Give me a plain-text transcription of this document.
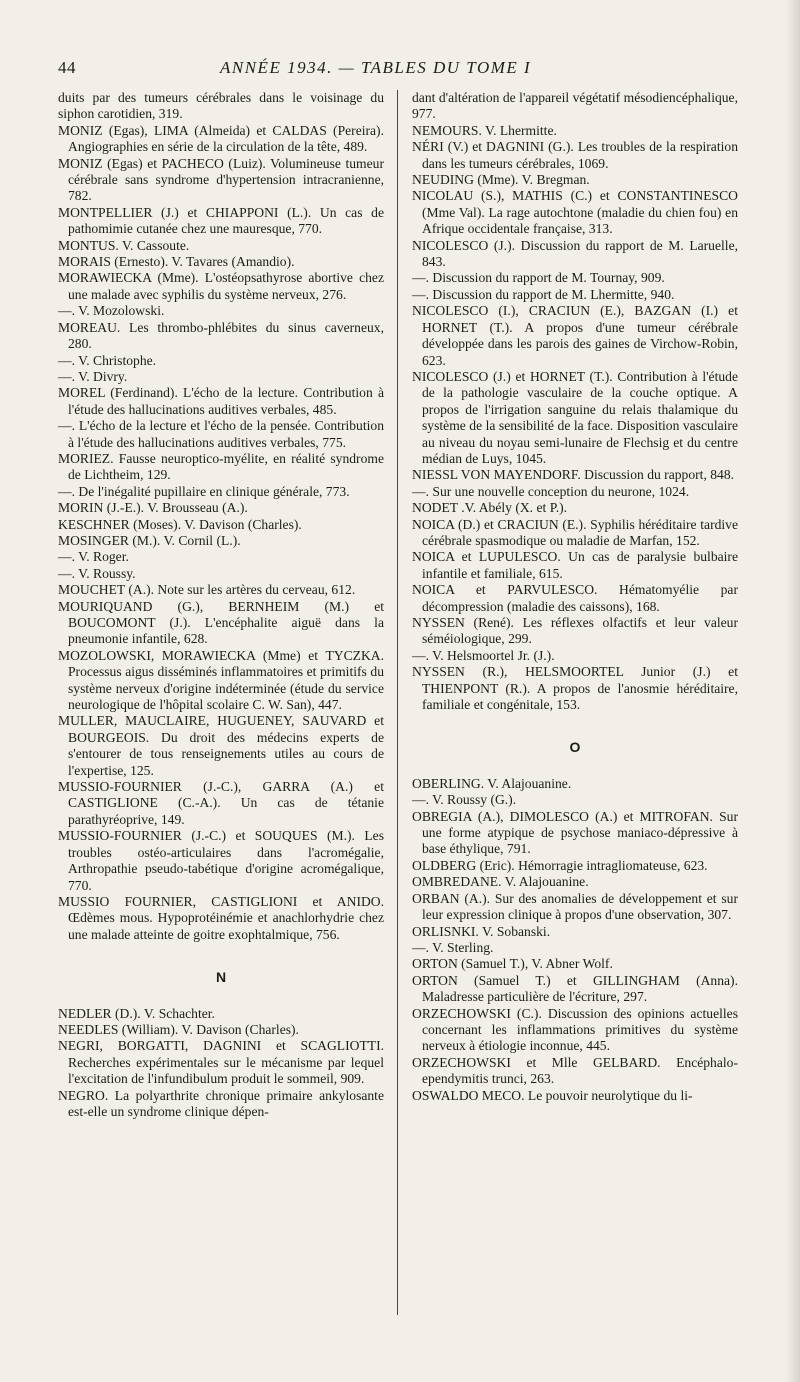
44	ANNÉE 1934. — TABLES DU TOME I

duits par des tumeurs cérébrales dans le voisinage du siphon carotidien, 319.

MONIZ (Egas), LIMA (Almeida) et CALDAS (Pereira). Angiographies en série de la circulation de la tête, 489.

MONIZ (Egas) et PACHECO (Luiz). Volumineuse tumeur cérébrale sans syndrome d'hypertension intracranienne, 782.

MONTPELLIER (J.) et CHIAPPONI (L.). Un cas de pathomimie cutanée chez une mauresque, 770.

MONTUS. V. Cassoute.

MORAIS (Ernesto). V. Tavares (Amandio).

MORAWIECKA (Mme). L'ostéopsathyrose abortive chez une malade avec syphilis du système nerveux, 276.

—. V. Mozolowski.

MOREAU. Les thrombo-phlébites du sinus caverneux, 280.

—. V. Christophe.

—. V. Divry.

MOREL (Ferdinand). L'écho de la lecture. Contribution à l'étude des hallucinations auditives verbales, 485.

—. L'écho de la lecture et l'écho de la pensée. Contribution à l'étude des hallucinations auditives verbales, 775.

MORIEZ. Fausse neuroptico-myélite, en réalité syndrome de Lichtheim, 129.

—. De l'inégalité pupillaire en clinique générale, 773.

MORIN (J.-E.). V. Brousseau (A.).

KESCHNER (Moses). V. Davison (Charles).

MOSINGER (M.). V. Cornil (L.).

—. V. Roger.

—. V. Roussy.

MOUCHET (A.). Note sur les artères du cerveau, 612.

MOURIQUAND (G.), BERNHEIM (M.) et BOUCOMONT (J.). L'encéphalite aiguë dans la pneumonie infantile, 628.

MOZOLOWSKI, MORAWIECKA (Mme) et TYCZKA. Processus aigus disséminés inflammatoires et primitifs du système nerveux d'origine indéterminée (étude du service neurologique de l'hôpital scolaire C. W. San), 447.

MULLER, MAUCLAIRE, HUGUENEY, SAUVARD et BOURGEOIS. Du droit des médecins experts de s'entourer de tous renseignements utiles au cours de l'expertise, 125.

MUSSIO-FOURNIER (J.-C.), GARRA (A.) et CASTIGLIONE (C.-A.). Un cas de tétanie parathyréoprive, 149.

MUSSIO-FOURNIER (J.-C.) et SOUQUES (M.). Les troubles ostéo-articulaires dans l'acromégalie, Arthropathie pseudo-tabétique d'origine acromégalique, 770.

MUSSIO FOURNIER, CASTIGLIONI et ANIDO. Œdèmes mous. Hypoprotéinémie et anachlorhydrie chez une malade atteinte de goitre exophtalmique, 756.

N

NEDLER (D.). V. Schachter.

NEEDLES (William). V. Davison (Charles).

NEGRI, BORGATTI, DAGNINI et SCAGLIOTTI. Recherches expérimentales sur le mécanisme par lequel l'excitation de l'infundibulum produit le sommeil, 909.

NEGRO. La polyarthrite chronique primaire ankylosante est-elle un syndrome clinique dépen-

dant d'altération de l'appareil végétatif mésodiencéphalique, 977.

NEMOURS. V. Lhermitte.

NÉRI (V.) et DAGNINI (G.). Les troubles de la respiration dans les tumeurs cérébrales, 1069.

NEUDING (Mme). V. Bregman.

NICOLAU (S.), MATHIS (C.) et CONSTANTINESCO (Mme Val). La rage autochtone (maladie du chien fou) en Afrique occidentale française, 313.

NICOLESCO (J.). Discussion du rapport de M. Laruelle, 843.

—. Discussion du rapport de M. Tournay, 909.

—. Discussion du rapport de M. Lhermitte, 940.

NICOLESCO (I.), CRACIUN (E.), BAZGAN (I.) et HORNET (T.). A propos d'une tumeur cérébrale développée dans les parois des gaines de Virchow-Robin, 623.

NICOLESCO (J.) et HORNET (T.). Contribution à l'étude de la pathologie vasculaire de la couche optique. A propos de l'irrigation sanguine du relais thalamique du système de la sensibilité de la face. Disposition vasculaire au niveau du noyau semi-lunaire de Flechsig et du centre médian de Luys, 1045.

NIESSL VON MAYENDORF. Discussion du rapport, 848.

—. Sur une nouvelle conception du neurone, 1024.

NODET .V. Abély (X. et P.).

NOICA (D.) et CRACIUN (E.). Syphilis héréditaire tardive cérébrale spasmodique ou maladie de Marfan, 152.

NOICA et LUPULESCO. Un cas de paralysie bulbaire infantile et familiale, 615.

NOICA et PARVULESCO. Hématomyélie par décompression (maladie des caissons), 168.

NYSSEN (René). Les réflexes olfactifs et leur valeur séméiologique, 299.

—. V. Helsmoortel Jr. (J.).

NYSSEN (R.), HELSMOORTEL Junior (J.) et THIENPONT (R.). A propos de l'anosmie héréditaire, familiale et congénitale, 153.

O

OBERLING. V. Alajouanine.

—. V. Roussy (G.).

OBREGIA (A.), DIMOLESCO (A.) et MITROFAN. Sur une forme atypique de psychose maniaco-dépressive à base éthylique, 791.

OLDBERG (Eric). Hémorragie intragliomateuse, 623.

OMBREDANE. V. Alajouanine.

ORBAN (A.). Sur des anomalies de développement et sur leur expression clinique à propos d'une observation, 307.

ORLISNKI. V. Sobanski.

—. V. Sterling.

ORTON (Samuel T.), V. Abner Wolf.

ORTON (Samuel T.) et GILLINGHAM (Anna). Maladresse particulière de l'écriture, 297.

ORZECHOWSKI (C.). Discussion des opinions actuelles concernant les inflammations primitives du système nerveux à étiologie inconnue, 445.

ORZECHOWSKI et Mlle GELBARD. Encéphalo-ependymitis trunci, 263.

OSWALDO MECO. Le pouvoir neurolytique du li-
